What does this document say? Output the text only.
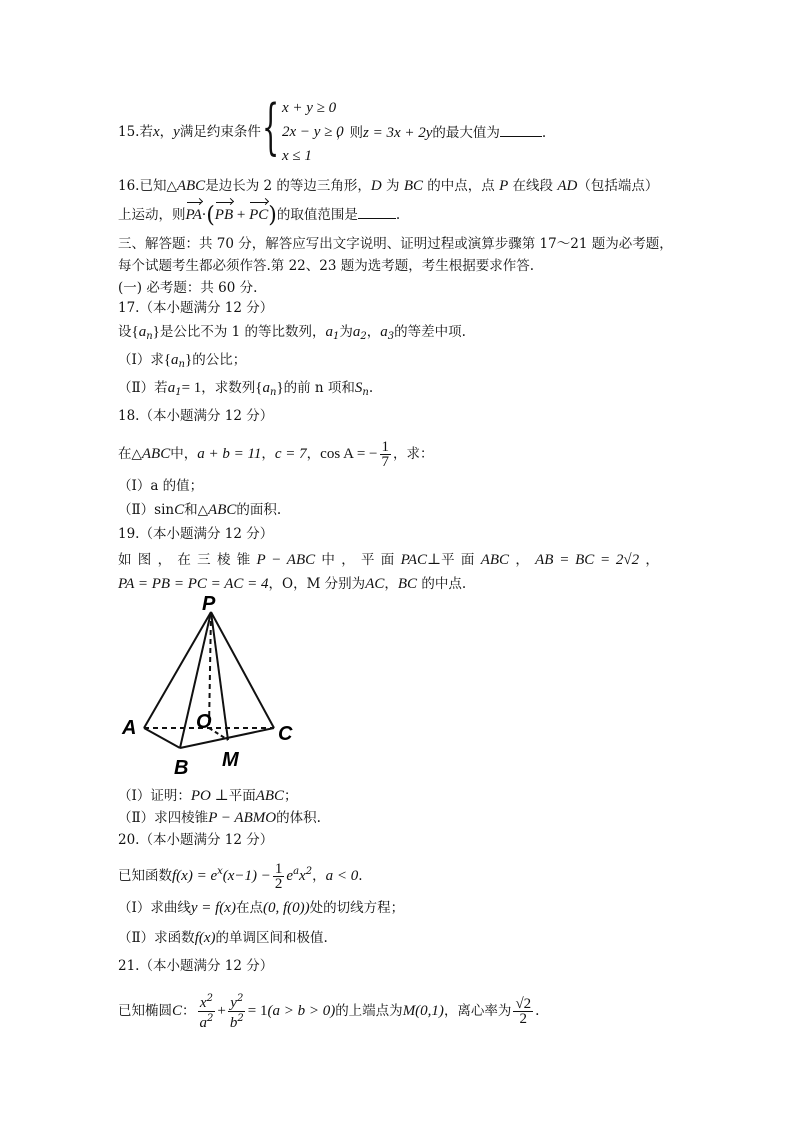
{ x + y ≥ 0
2x − y ≥ 0
x ≤ 1
15.若x，y满足约束条件	，则z = 3x + 2y的最大值为	.
16.已知△ABC是边长为 2 的等边三角形，D 为 BC 的中点，点 P 在线段 AD（包括端点）
上运动，则PA·(PB + PC)的取值范围是	.
三、解答题：共 70 分，解答应写出文字说明、证明过程或演算步骤第 17～21 题为必考题，
每个试题考生都必须作答.第 22、23 题为选考题，考生根据要求作答.
(一) 必考题：共 60 分.
17.（本小题满分 12 分）
设$\{a_n\}$是公比不为 1 的等比数列，$a_1$为$a_2$，$a_3$的等差中项.
（Ⅰ）求$\{a_n\}$的公比；
（Ⅱ）若$a_1= 1$，求数列$\{a_n\}$的前 n 项和$S_n$.
18.（本小题满分 12 分）
在△ABC中，a + b = 11，c = 7，cos A = − $\frac{1}{7}$ ，求：
（Ⅰ）a 的值；
（Ⅱ）sinC和△ABC的面积.
19.（本小题满分 12 分）
如 图 ， 在 三 棱 锥 P − ABC 中 ， 平 面 PAC⊥平 面 ABC ， AB = BC = 2√2 ，
PA = PB = PC = AC = 4，O，M 分别为AC，BC 的中点.
P
A	O
C
B M
（Ⅰ）证明：PO ⊥平面ABC；
（Ⅱ）求四棱锥P − ABMO的体积.
20.（本小题满分 12 分）
已知函数$f(x) = e^x(x-1) - \frac{1}{2} e^ax^2$，a < 0.
（Ⅰ）求曲线y = f(x)在点(0, f(0))处的切线方程；
（Ⅱ）求函数f(x)的单调区间和极值.
21.（本小题满分 12 分）
已知椭圆C： $\frac{x^2}{a^2} + \frac{y^2}{b^2} = 1(a > b > 0)$的上端点为M(0,1)，离心率为 $\frac{√2}{2}$ .
